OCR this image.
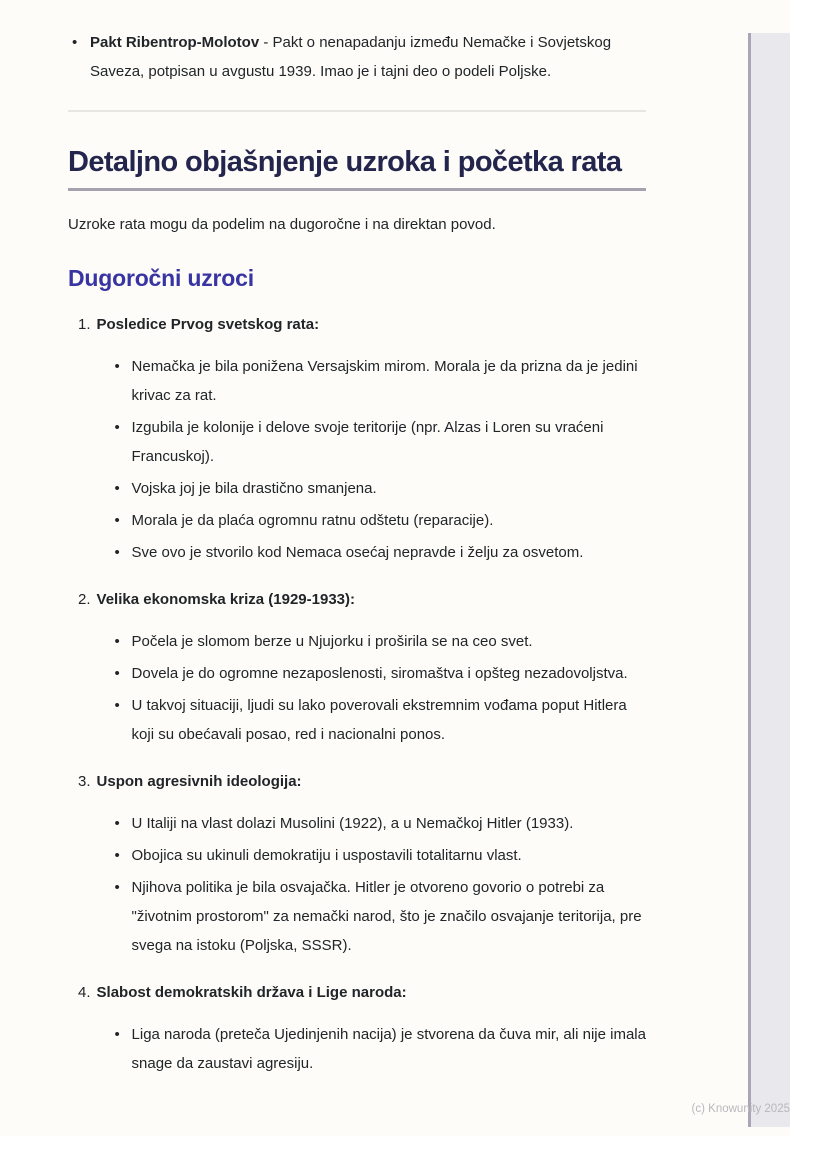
(c) Knowunity 2025
• Pakt Ribentrop-Molotov - Pakt o nenapadanju između Nemačke i Sovjetskog Saveza, potpisan u avgustu 1939. Imao je i tajni deo o podeli Poljske.
Detaljno objašnjenje uzroka i početka rata

Uzroke rata mogu da podelim na dugoročne i na direktan povod.

Dugoročni uzroci
1. Posledice Prvog svetskog rata:

• Nemačka je bila ponižena Versajskim mirom. Morala je da prizna da je jedini krivac za rat.
• Izgubila je kolonije i delove svoje teritorije (npr. Alzas i Loren su vraćeni Francuskoj).
• Vojska joj je bila drastično smanjena.
• Morala je da plaća ogromnu ratnu odštetu (reparacije).
• Sve ovo je stvorilo kod Nemaca osećaj nepravde i želju za osvetom.
2. Velika ekonomska kriza (1929-1933):

• Počela je slomom berze u Njujorku i proširila se na ceo svet.
• Dovela je do ogromne nezaposlenosti, siromaštva i opšteg nezadovoljstva.
• U takvoj situaciji, ljudi su lako poverovali ekstremnim vođama poput Hitlera koji su obećavali posao, red i nacionalni ponos.
3. Uspon agresivnih ideologija:

• U Italiji na vlast dolazi Musolini (1922), a u Nemačkoj Hitler (1933).
• Obojica su ukinuli demokratiju i uspostavili totalitarnu vlast.
• Njihova politika je bila osvajačka. Hitler je otvoreno govorio o potrebi za "životnim prostorom" za nemački narod, što je značilo osvajanje teritorija, pre svega na istoku (Poljska, SSSR).
4. Slabost demokratskih država i Lige naroda:

• Liga naroda (preteča Ujedinjenih nacija) je stvorena da čuva mir, ali nije imala snage da zaustavi agresiju.
